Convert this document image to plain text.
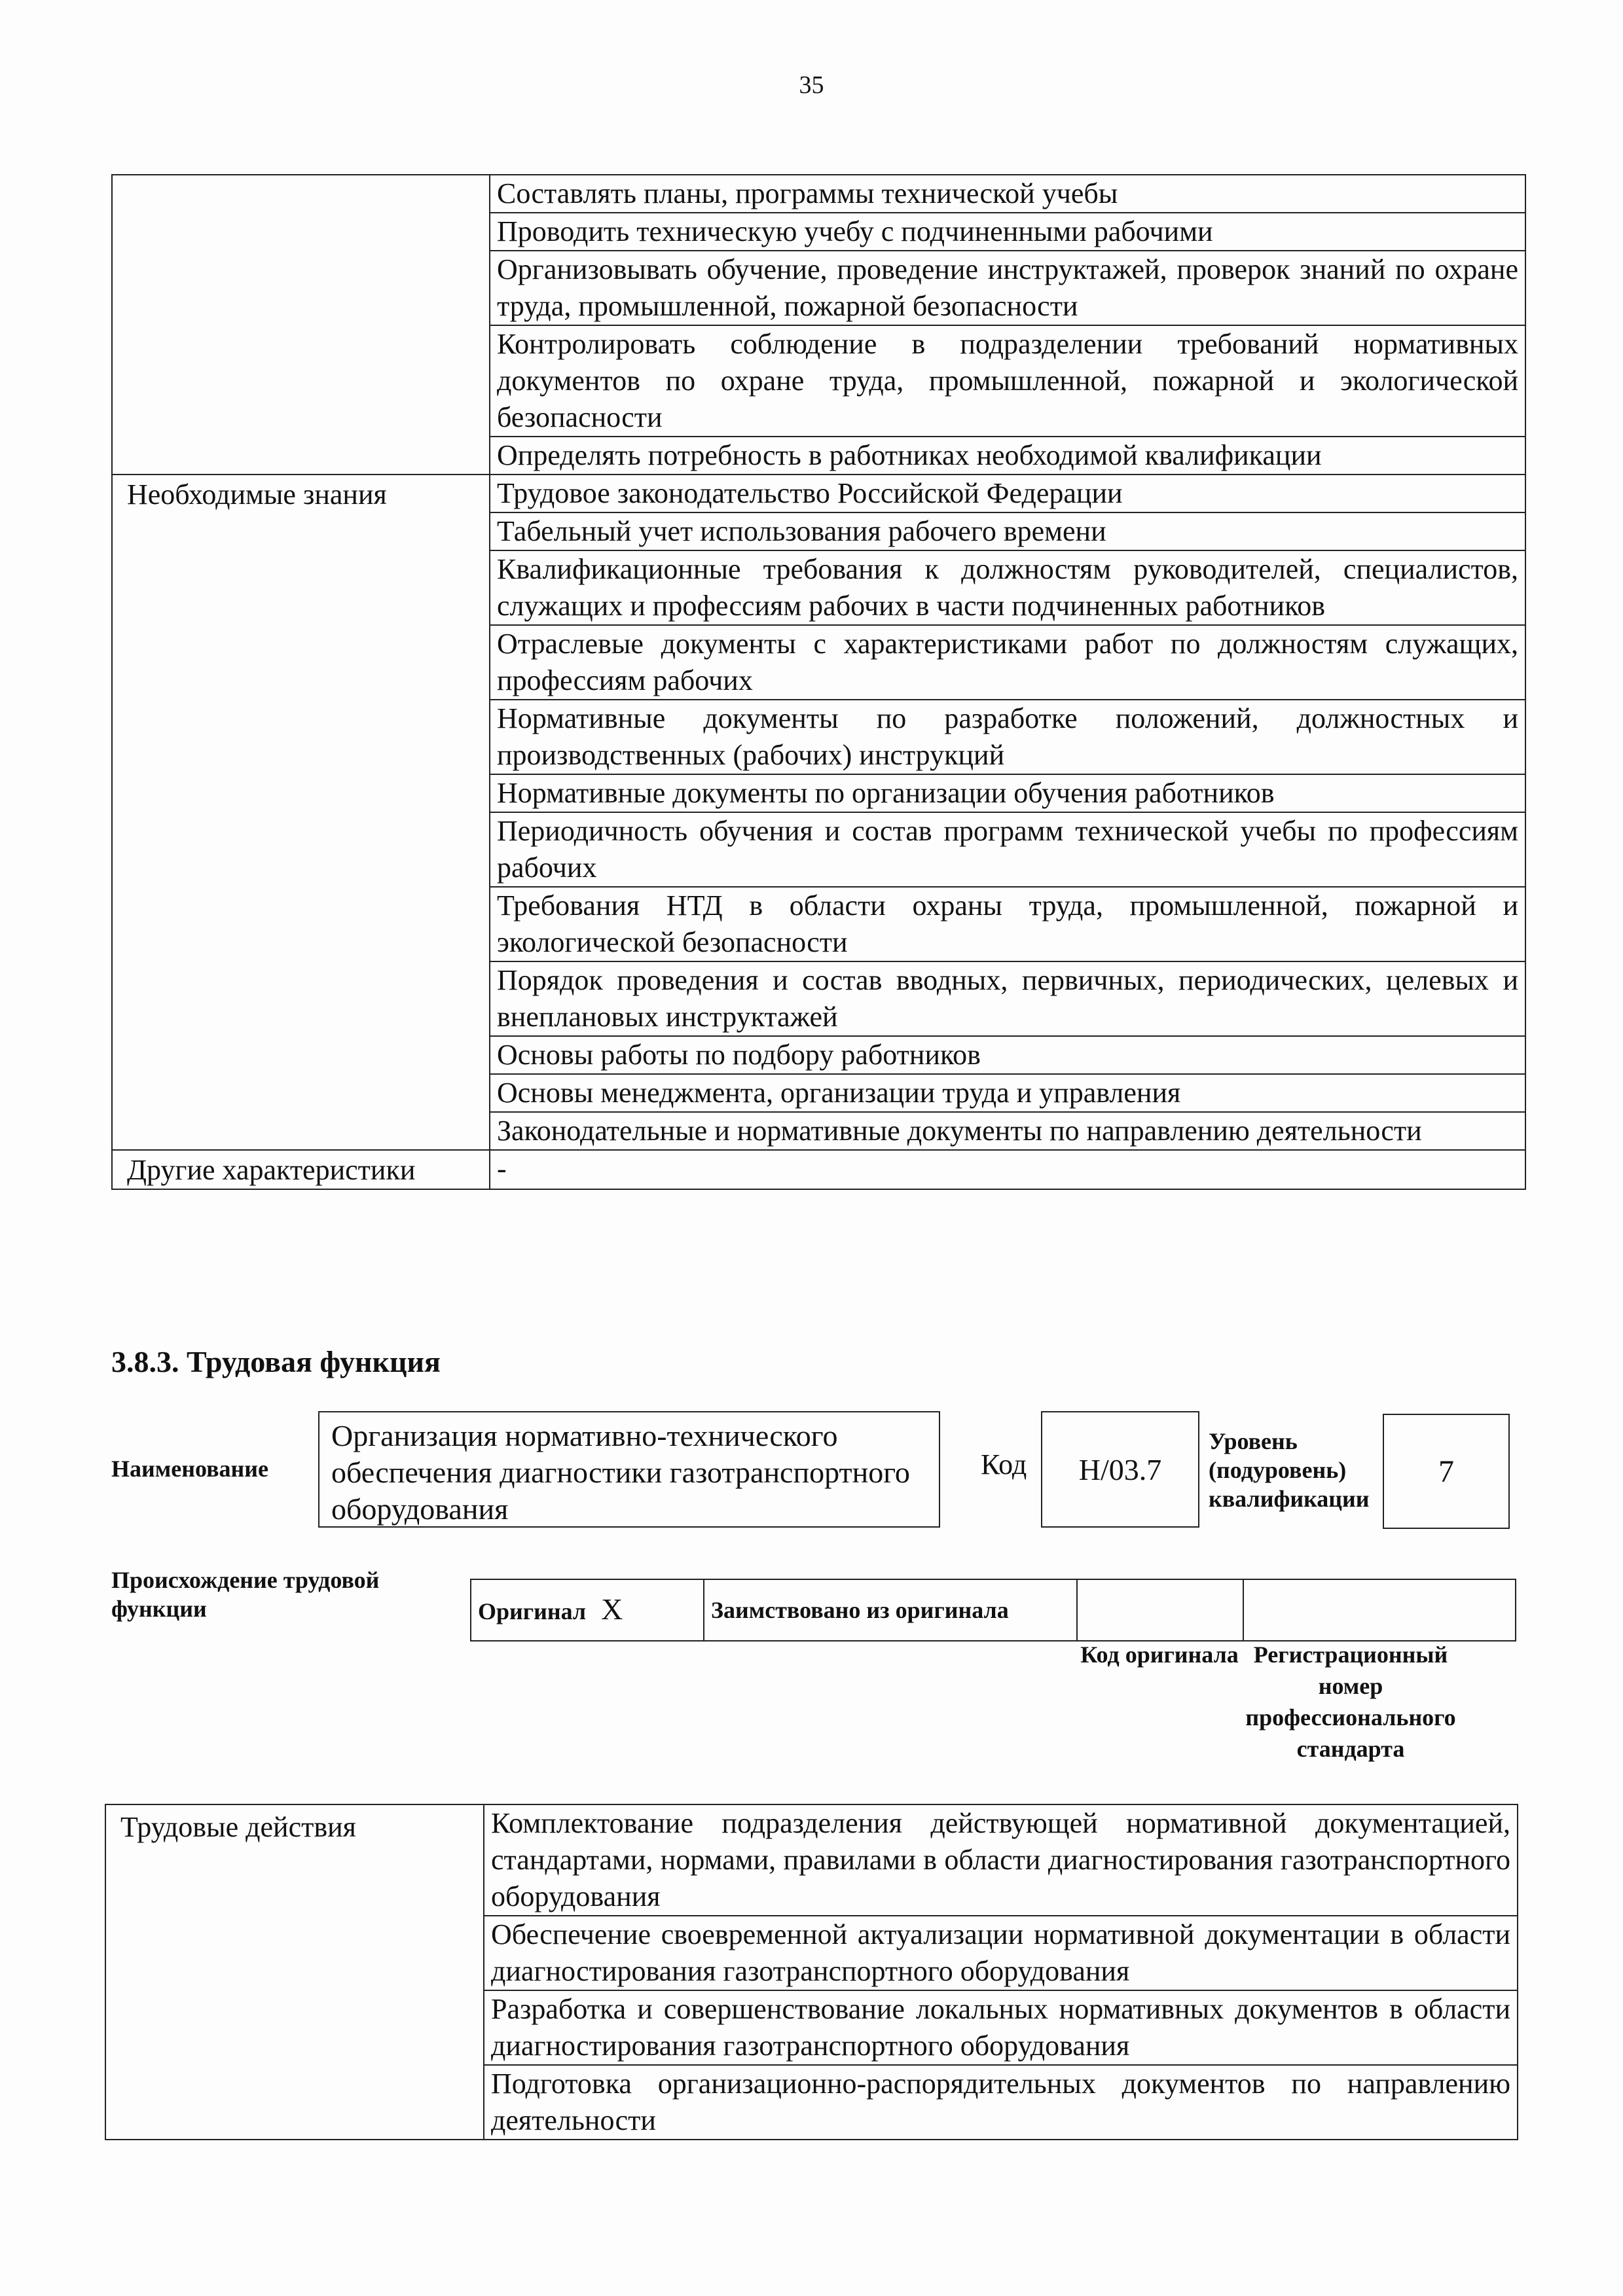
35
	Составлять планы, программы технической учебы
	Проводить техническую учебу с подчиненными рабочими
	Организовывать обучение, проведение инструктажей, проверок знаний по охране труда, промышленной, пожарной безопасности
	Контролировать соблюдение в подразделении требований нормативных документов по охране труда, промышленной, пожарной и экологической безопасности
	Определять потребность в работниках необходимой квалификации
Необходимые знания	Трудовое законодательство Российской Федерации
	Табельный учет использования рабочего времени
	Квалификационные требования к должностям руководителей, специалистов, служащих и профессиям рабочих в части подчиненных работников
	Отраслевые документы с характеристиками работ по должностям служащих, профессиям рабочих
	Нормативные документы по разработке положений, должностных и производственных (рабочих) инструкций
	Нормативные документы по организации обучения работников
	Периодичность обучения и состав программ технической учебы по профессиям рабочих
	Требования НТД в области охраны труда, промышленной, пожарной и экологической безопасности
	Порядок проведения и состав вводных, первичных, периодических, целевых и внеплановых инструктажей
	Основы работы по подбору работников
	Основы менеджмента, организации труда и управления
	Законодательные и нормативные документы по направлению деятельности
Другие характеристики	-
3.8.3. Трудовая функция
Наименование
Организация нормативно-технического обеспечения диагностики газотранспортного оборудования
Код	H/03.7
Уровень (подуровень) квалификации
7
Происхождение трудовой функции	Оригинал X	Заимствовано из оригинала		
Код оригинала Регистрационный номер профессионального стандарта
Трудовые действия	Комплектование подразделения действующей нормативной документацией, стандартами, нормами, правилами в области диагностирования газотранспортного оборудования
Обеспечение своевременной актуализации нормативной документации в области диагностирования газотранспортного оборудования
Разработка и совершенствование локальных нормативных документов в области диагностирования газотранспортного оборудования
Подготовка организационно-распорядительных документов по направлению деятельности
